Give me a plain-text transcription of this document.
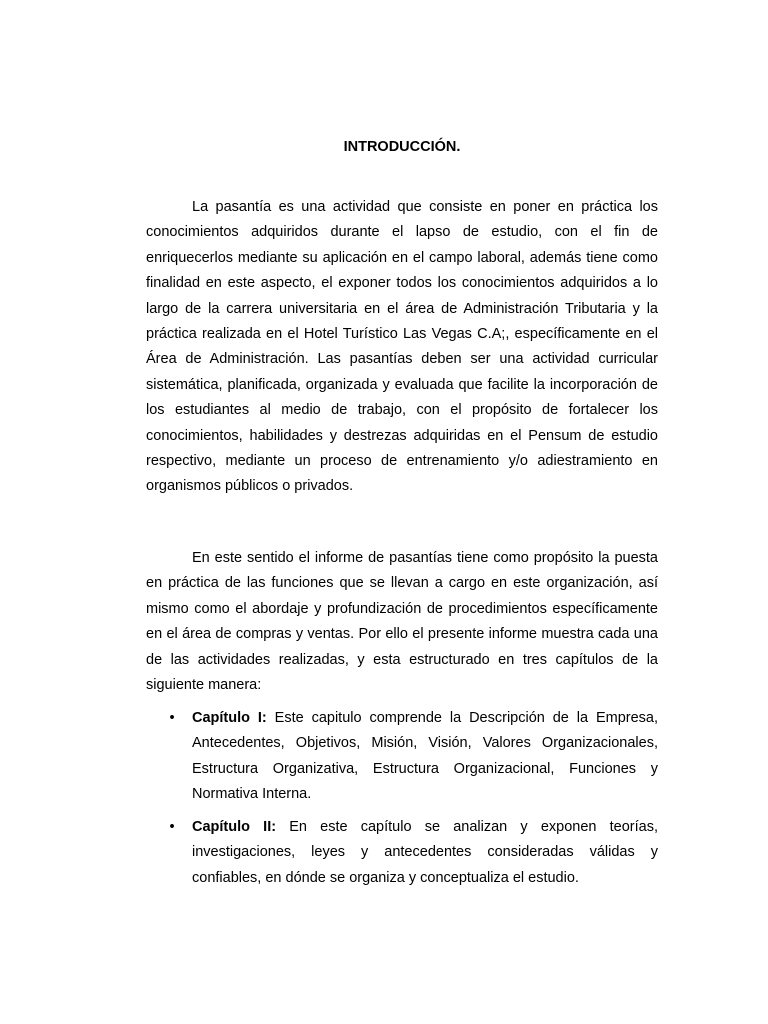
INTRODUCCIÓN.

La pasantía es una actividad que consiste en poner en práctica los conocimientos adquiridos durante el lapso de estudio, con el fin de enriquecerlos mediante su aplicación en el campo laboral, además tiene como finalidad en este aspecto, el exponer todos los conocimientos adquiridos a lo largo de la carrera universitaria en el área de Administración Tributaria y la práctica realizada en el Hotel Turístico Las Vegas C.A;, específicamente en el Área de Administración. Las pasantías deben ser una actividad curricular sistemática, planificada, organizada y evaluada que facilite la incorporación de los estudiantes al medio de trabajo, con el propósito de fortalecer los conocimientos, habilidades y destrezas adquiridas en el Pensum de estudio respectivo, mediante un proceso de entrenamiento y/o adiestramiento en organismos públicos o privados.

En este sentido el informe de pasantías tiene como propósito la puesta en práctica de las funciones que se llevan a cargo en este organización, así mismo como el abordaje y profundización de procedimientos específicamente en el área de compras y ventas. Por ello el presente informe muestra cada una de las actividades realizadas, y esta estructurado en tres capítulos de la siguiente manera:

• Capítulo I: Este capitulo comprende la Descripción de la Empresa, Antecedentes, Objetivos, Misión, Visión, Valores Organizacionales, Estructura Organizativa, Estructura Organizacional, Funciones y Normativa Interna.
• Capítulo II: En este capítulo se analizan y exponen teorías, investigaciones, leyes y antecedentes consideradas válidas y confiables, en dónde se organiza y conceptualiza el estudio.
